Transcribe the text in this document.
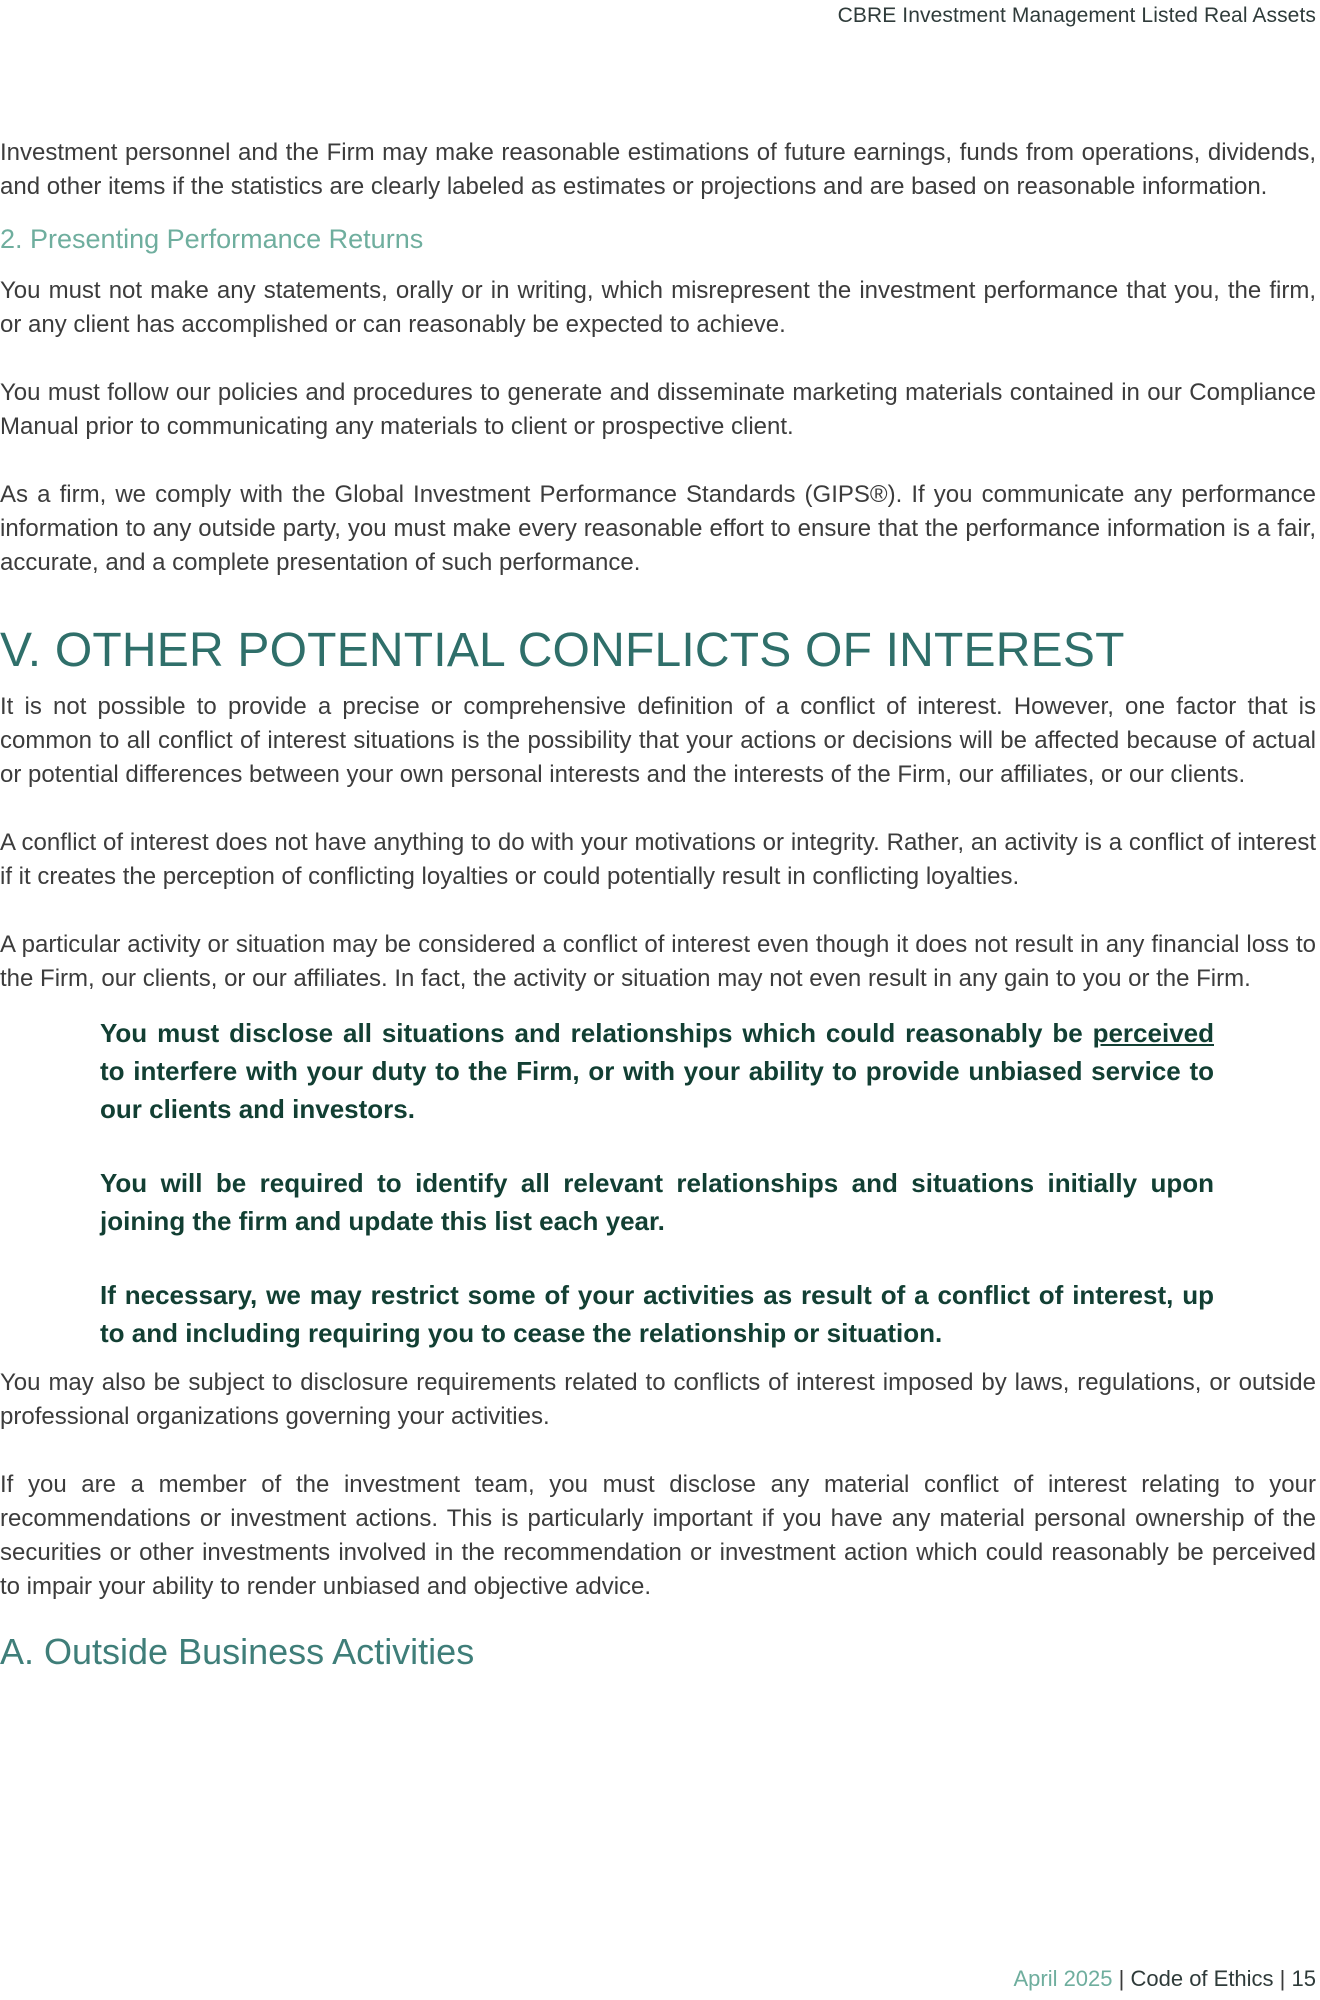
CBRE Investment Management Listed Real Assets

Investment personnel and the Firm may make reasonable estimations of future earnings, funds from operations, dividends, and other items if the statistics are clearly labeled as estimates or projections and are based on reasonable information.

2. Presenting Performance Returns

You must not make any statements, orally or in writing, which misrepresent the investment performance that you, the firm, or any client has accomplished or can reasonably be expected to achieve.

You must follow our policies and procedures to generate and disseminate marketing materials contained in our Compliance Manual prior to communicating any materials to client or prospective client.

As a firm, we comply with the Global Investment Performance Standards (GIPS®). If you communicate any performance information to any outside party, you must make every reasonable effort to ensure that the performance information is a fair, accurate, and a complete presentation of such performance.

V. OTHER POTENTIAL CONFLICTS OF INTEREST

It is not possible to provide a precise or comprehensive definition of a conflict of interest. However, one factor that is common to all conflict of interest situations is the possibility that your actions or decisions will be affected because of actual or potential differences between your own personal interests and the interests of the Firm, our affiliates, or our clients.

A conflict of interest does not have anything to do with your motivations or integrity. Rather, an activity is a conflict of interest if it creates the perception of conflicting loyalties or could potentially result in conflicting loyalties.

A particular activity or situation may be considered a conflict of interest even though it does not result in any financial loss to the Firm, our clients, or our affiliates. In fact, the activity or situation may not even result in any gain to you or the Firm.

You must disclose all situations and relationships which could reasonably be perceived to interfere with your duty to the Firm, or with your ability to provide unbiased service to our clients and investors.

You will be required to identify all relevant relationships and situations initially upon joining the firm and update this list each year.

If necessary, we may restrict some of your activities as result of a conflict of interest, up to and including requiring you to cease the relationship or situation.

You may also be subject to disclosure requirements related to conflicts of interest imposed by laws, regulations, or outside professional organizations governing your activities.

If you are a member of the investment team, you must disclose any material conflict of interest relating to your recommendations or investment actions. This is particularly important if you have any material personal ownership of the securities or other investments involved in the recommendation or investment action which could reasonably be perceived to impair your ability to render unbiased and objective advice.

A. Outside Business Activities
April 2025 | Code of Ethics | 15
